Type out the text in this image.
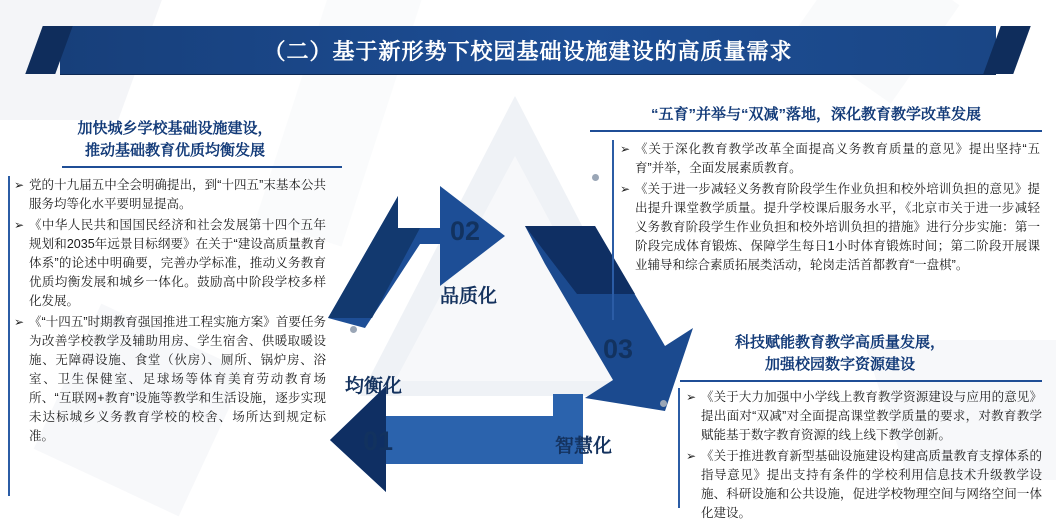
（二）基于新形势下校园基础设施建设的高质量需求
02
品质化
03
智慧化
01
均衡化
加快城乡学校基础设施建设，
推动基础教育优质均衡发展
➢ 党的十九届五中全会明确提出，到“十四五”末基本公共服务均等化水平要明显提高。
➢ 《中华人民共和国国民经济和社会发展第十四个五年规划和2035年远景目标纲要》在关于“建设高质量教育体系”的论述中明确要，完善办学标准，推动义务教育优质均衡发展和城乡一体化。鼓励高中阶段学校多样化发展。
➢ 《“十四五”时期教育强国推进工程实施方案》首要任务为改善学校教学及辅助用房、学生宿舍、供暖取暖设施、无障碍设施、食堂（伙房）、厕所、锅炉房、浴室、卫生保健室、足球场等体育美育劳动教育场所、“互联网+教育”设施等教学和生活设施，逐步实现未达标城乡义务教育学校的校舍、场所达到规定标准。
“五育”并举与“双减”落地，深化教育教学改革发展
➢ 《关于深化教育教学改革全面提高义务教育质量的意见》提出坚持“五育”并举，全面发展素质教育。
➢ 《关于进一步减轻义务教育阶段学生作业负担和校外培训负担的意见》提出提升课堂教学质量。提升学校课后服务水平，《北京市关于进一步减轻义务教育阶段学生作业负担和校外培训负担的措施》进行分步实施：第一阶段完成体育锻炼、保障学生每日1小时体育锻炼时间；第二阶段开展课业辅导和综合素质拓展类活动，轮岗走活首都教育“一盘棋”。
科技赋能教育教学高质量发展，
加强校园数字资源建设
➢ 《关于大力加强中小学线上教育教学资源建设与应用的意见》提出面对“双减”对全面提高课堂教学质量的要求，对教育教学赋能基于数字教育资源的线上线下教学创新。
➢ 《关于推进教育新型基础设施建设构建高质量教育支撑体系的指导意见》提出支持有条件的学校利用信息技术升级教学设施、科研设施和公共设施，促进学校物理空间与网络空间一体化建设。
